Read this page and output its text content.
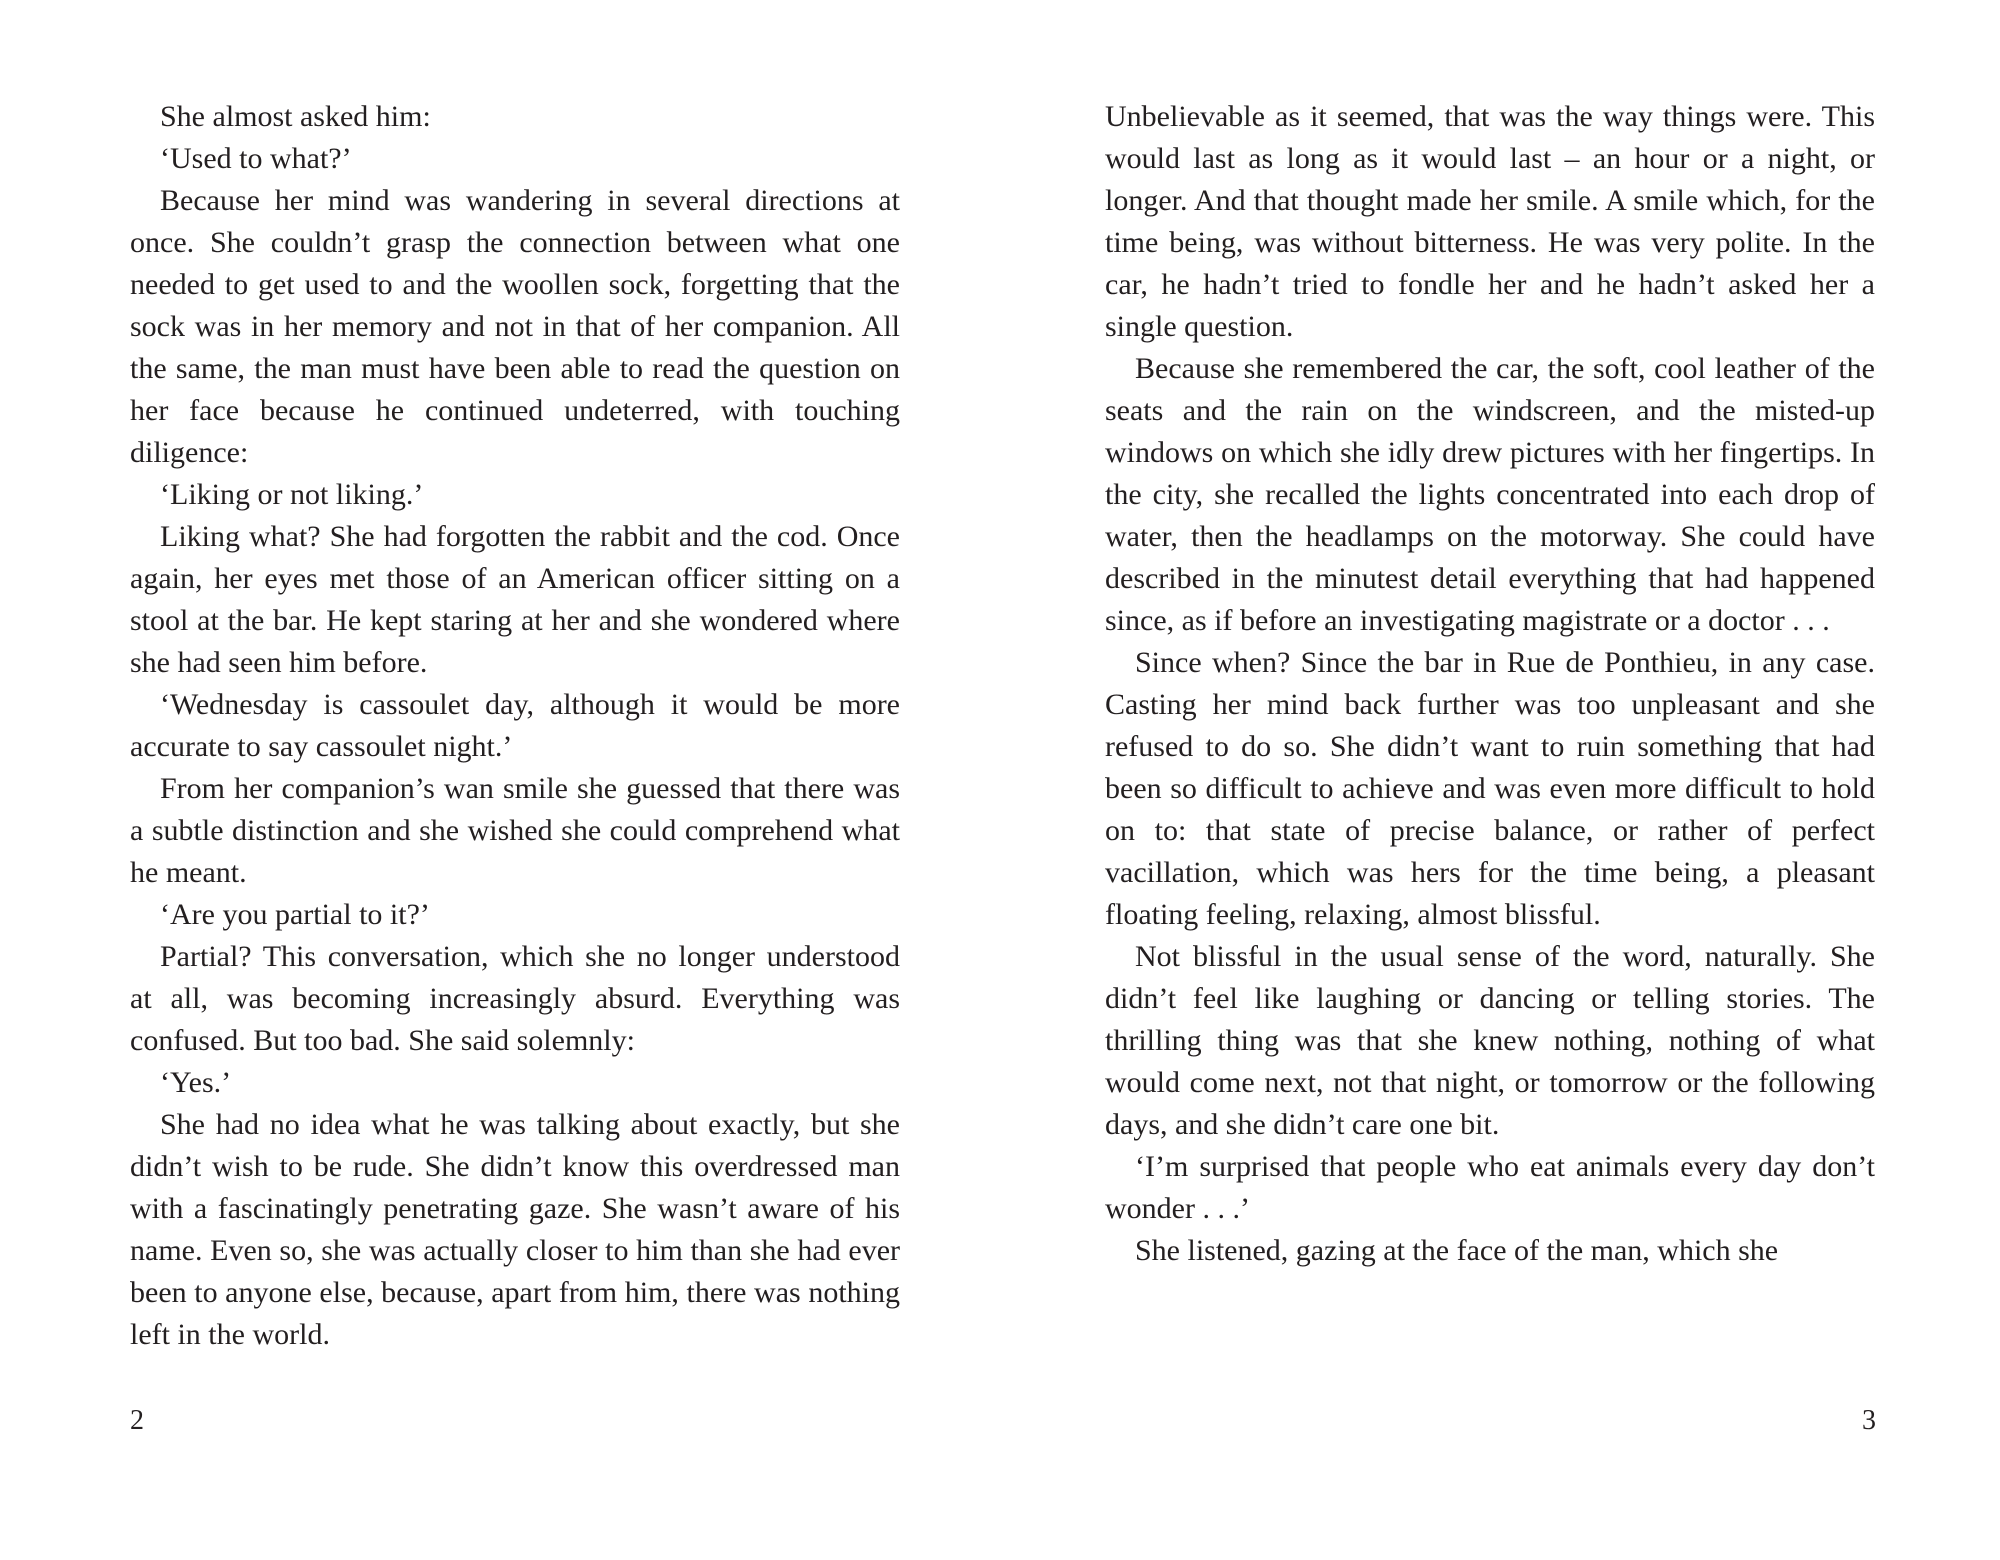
She almost asked him:

‘Used to what?’

Because her mind was wandering in several directions at once. She couldn’t grasp the connection between what one needed to get used to and the woollen sock, forgetting that the sock was in her memory and not in that of her companion. All the same, the man must have been able to read the question on her face because he continued undeterred, with touching diligence:

‘Liking or not liking.’

Liking what? She had forgotten the rabbit and the cod. Once again, her eyes met those of an American officer sitting on a stool at the bar. He kept staring at her and she wondered where she had seen him before.

‘Wednesday is cassoulet day, although it would be more accurate to say cassoulet night.’

From her companion’s wan smile she guessed that there was a subtle distinction and she wished she could comprehend what he meant.

‘Are you partial to it?’

Partial? This conversation, which she no longer understood at all, was becoming increasingly absurd. Everything was confused. But too bad. She said solemnly:

‘Yes.’

She had no idea what he was talking about exactly, but she didn’t wish to be rude. She didn’t know this overdressed man with a fascinatingly penetrating gaze. She wasn’t aware of his name. Even so, she was actually closer to him than she had ever been to anyone else, because, apart from him, there was nothing left in the world.

2

Unbelievable as it seemed, that was the way things were. This would last as long as it would last – an hour or a night, or longer. And that thought made her smile. A smile which, for the time being, was without bitterness. He was very polite. In the car, he hadn’t tried to fondle her and he hadn’t asked her a single question.

Because she remembered the car, the soft, cool leather of the seats and the rain on the windscreen, and the misted-up windows on which she idly drew pictures with her fingertips. In the city, she recalled the lights concentrated into each drop of water, then the headlamps on the motorway. She could have described in the minutest detail everything that had happened since, as if before an investigating magistrate or a doctor . . .

Since when? Since the bar in Rue de Ponthieu, in any case. Casting her mind back further was too unpleasant and she refused to do so. She didn’t want to ruin something that had been so difficult to achieve and was even more difficult to hold on to: that state of precise balance, or rather of perfect vacillation, which was hers for the time being, a pleasant floating feeling, relaxing, almost blissful.

Not blissful in the usual sense of the word, naturally. She didn’t feel like laughing or dancing or telling stories. The thrilling thing was that she knew nothing, nothing of what would come next, not that night, or tomorrow or the following days, and she didn’t care one bit.

‘I’m surprised that people who eat animals every day don’t wonder . . .’

She listened, gazing at the face of the man, which she

3
